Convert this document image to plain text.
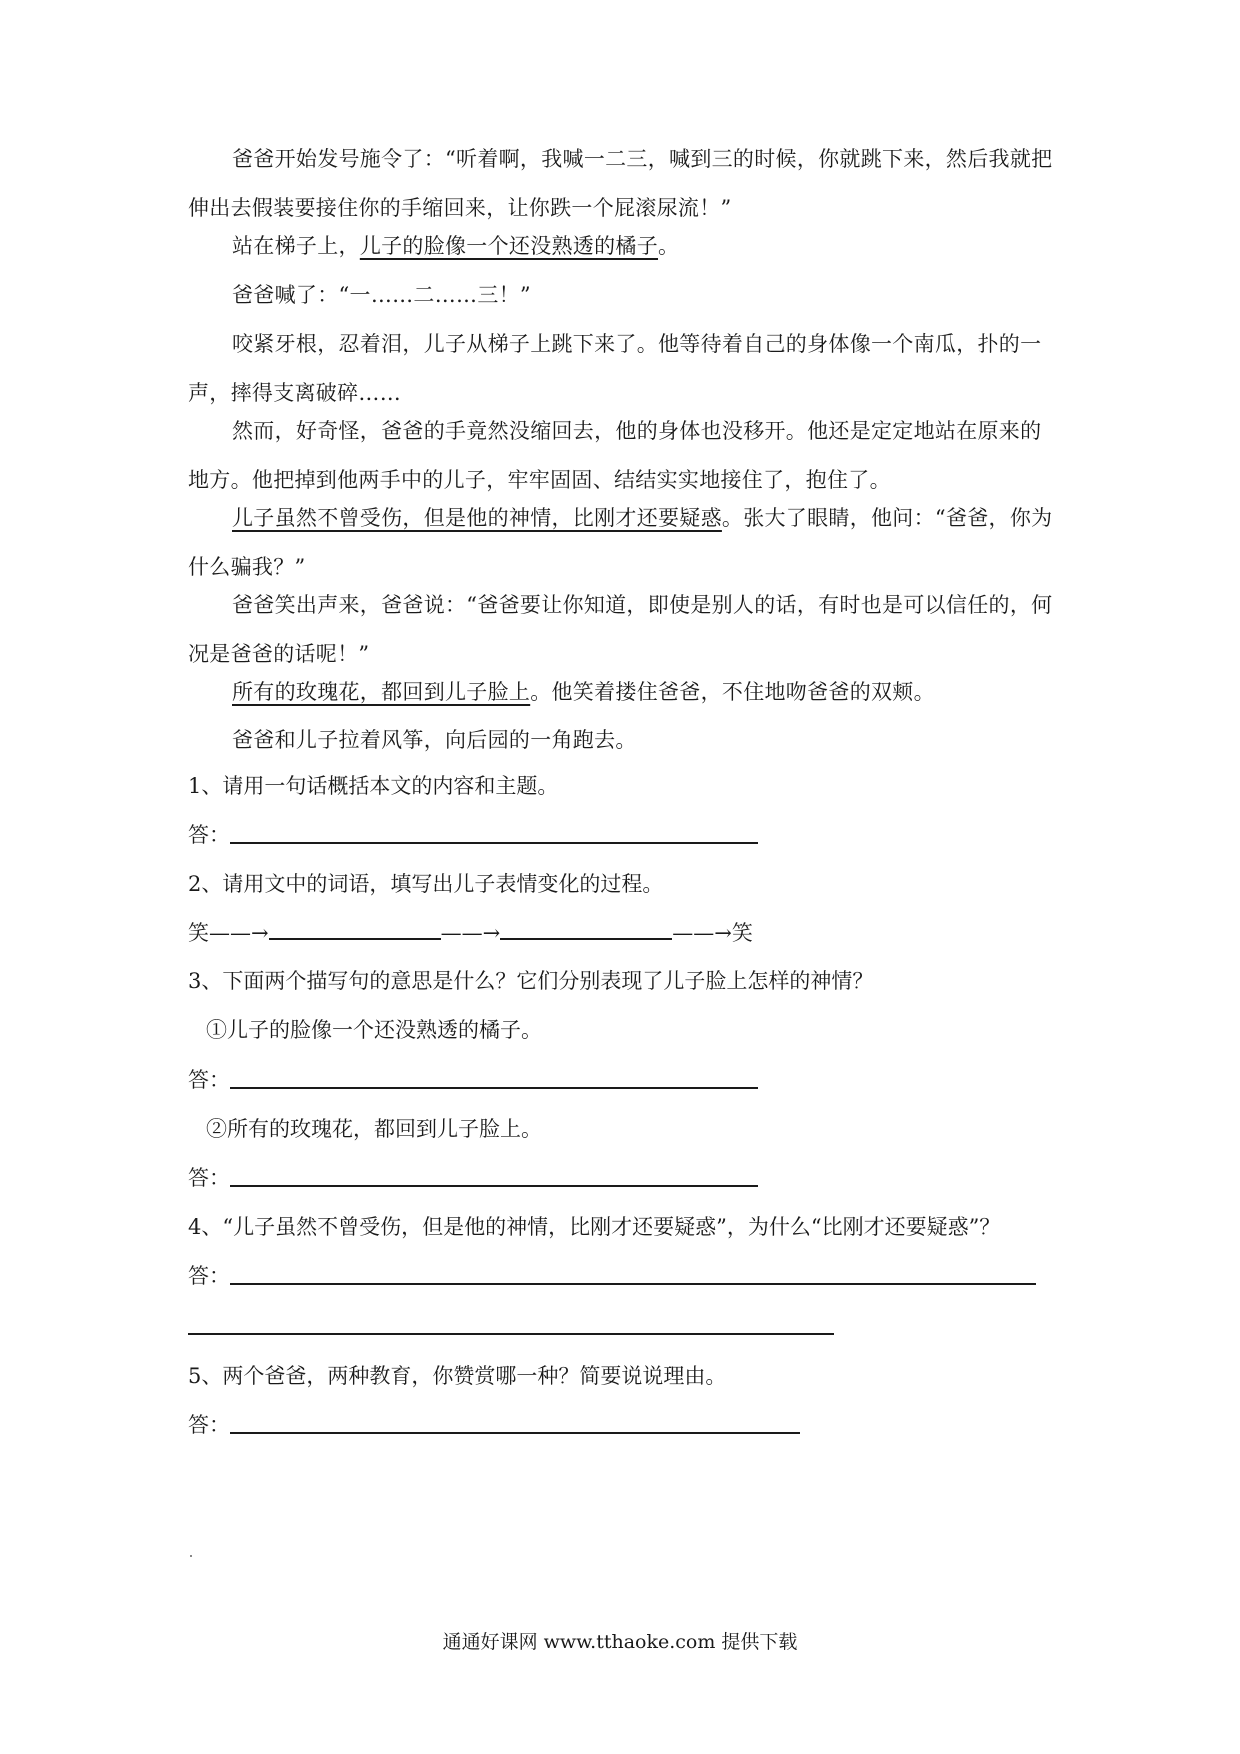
爸爸开始发号施令了：“听着啊，我喊一二三，喊到三的时候，你就跳下来，然后我就把伸出去假装要接住你的手缩回来，让你跌一个屁滚尿流！”

站在梯子上，儿子的脸像一个还没熟透的橘子。

爸爸喊了：“一……二……三！”

咬紧牙根，忍着泪，儿子从梯子上跳下来了。他等待着自己的身体像一个南瓜，扑的一声，摔得支离破碎……

然而，好奇怪，爸爸的手竟然没缩回去，他的身体也没移开。他还是定定地站在原来的地方。他把掉到他两手中的儿子，牢牢固固、结结实实地接住了，抱住了。

儿子虽然不曾受伤，但是他的神情，比刚才还要疑惑。张大了眼睛，他问：“爸爸，你为什么骗我？”

爸爸笑出声来，爸爸说：“爸爸要让你知道，即使是别人的话，有时也是可以信任的，何况是爸爸的话呢！”

所有的玫瑰花，都回到儿子脸上。他笑着搂住爸爸，不住地吻爸爸的双颊。

爸爸和儿子拉着风筝，向后园的一角跑去。

1、请用一句话概括本文的内容和主题。

答：

2、请用文中的词语，填写出儿子表情变化的过程。

笑——→	——→	——→笑

3、下面两个描写句的意思是什么？它们分别表现了儿子脸上怎样的神情？

①儿子的脸像一个还没熟透的橘子。

答：

②所有的玫瑰花，都回到儿子脸上。

答：

4、“儿子虽然不曾受伤，但是他的神情，比刚才还要疑惑”，为什么“比刚才还要疑惑”？

答：

5、两个爸爸，两种教育，你赞赏哪一种？简要说说理由。

答：

通通好课网 www.tthaoke.com 提供下载
